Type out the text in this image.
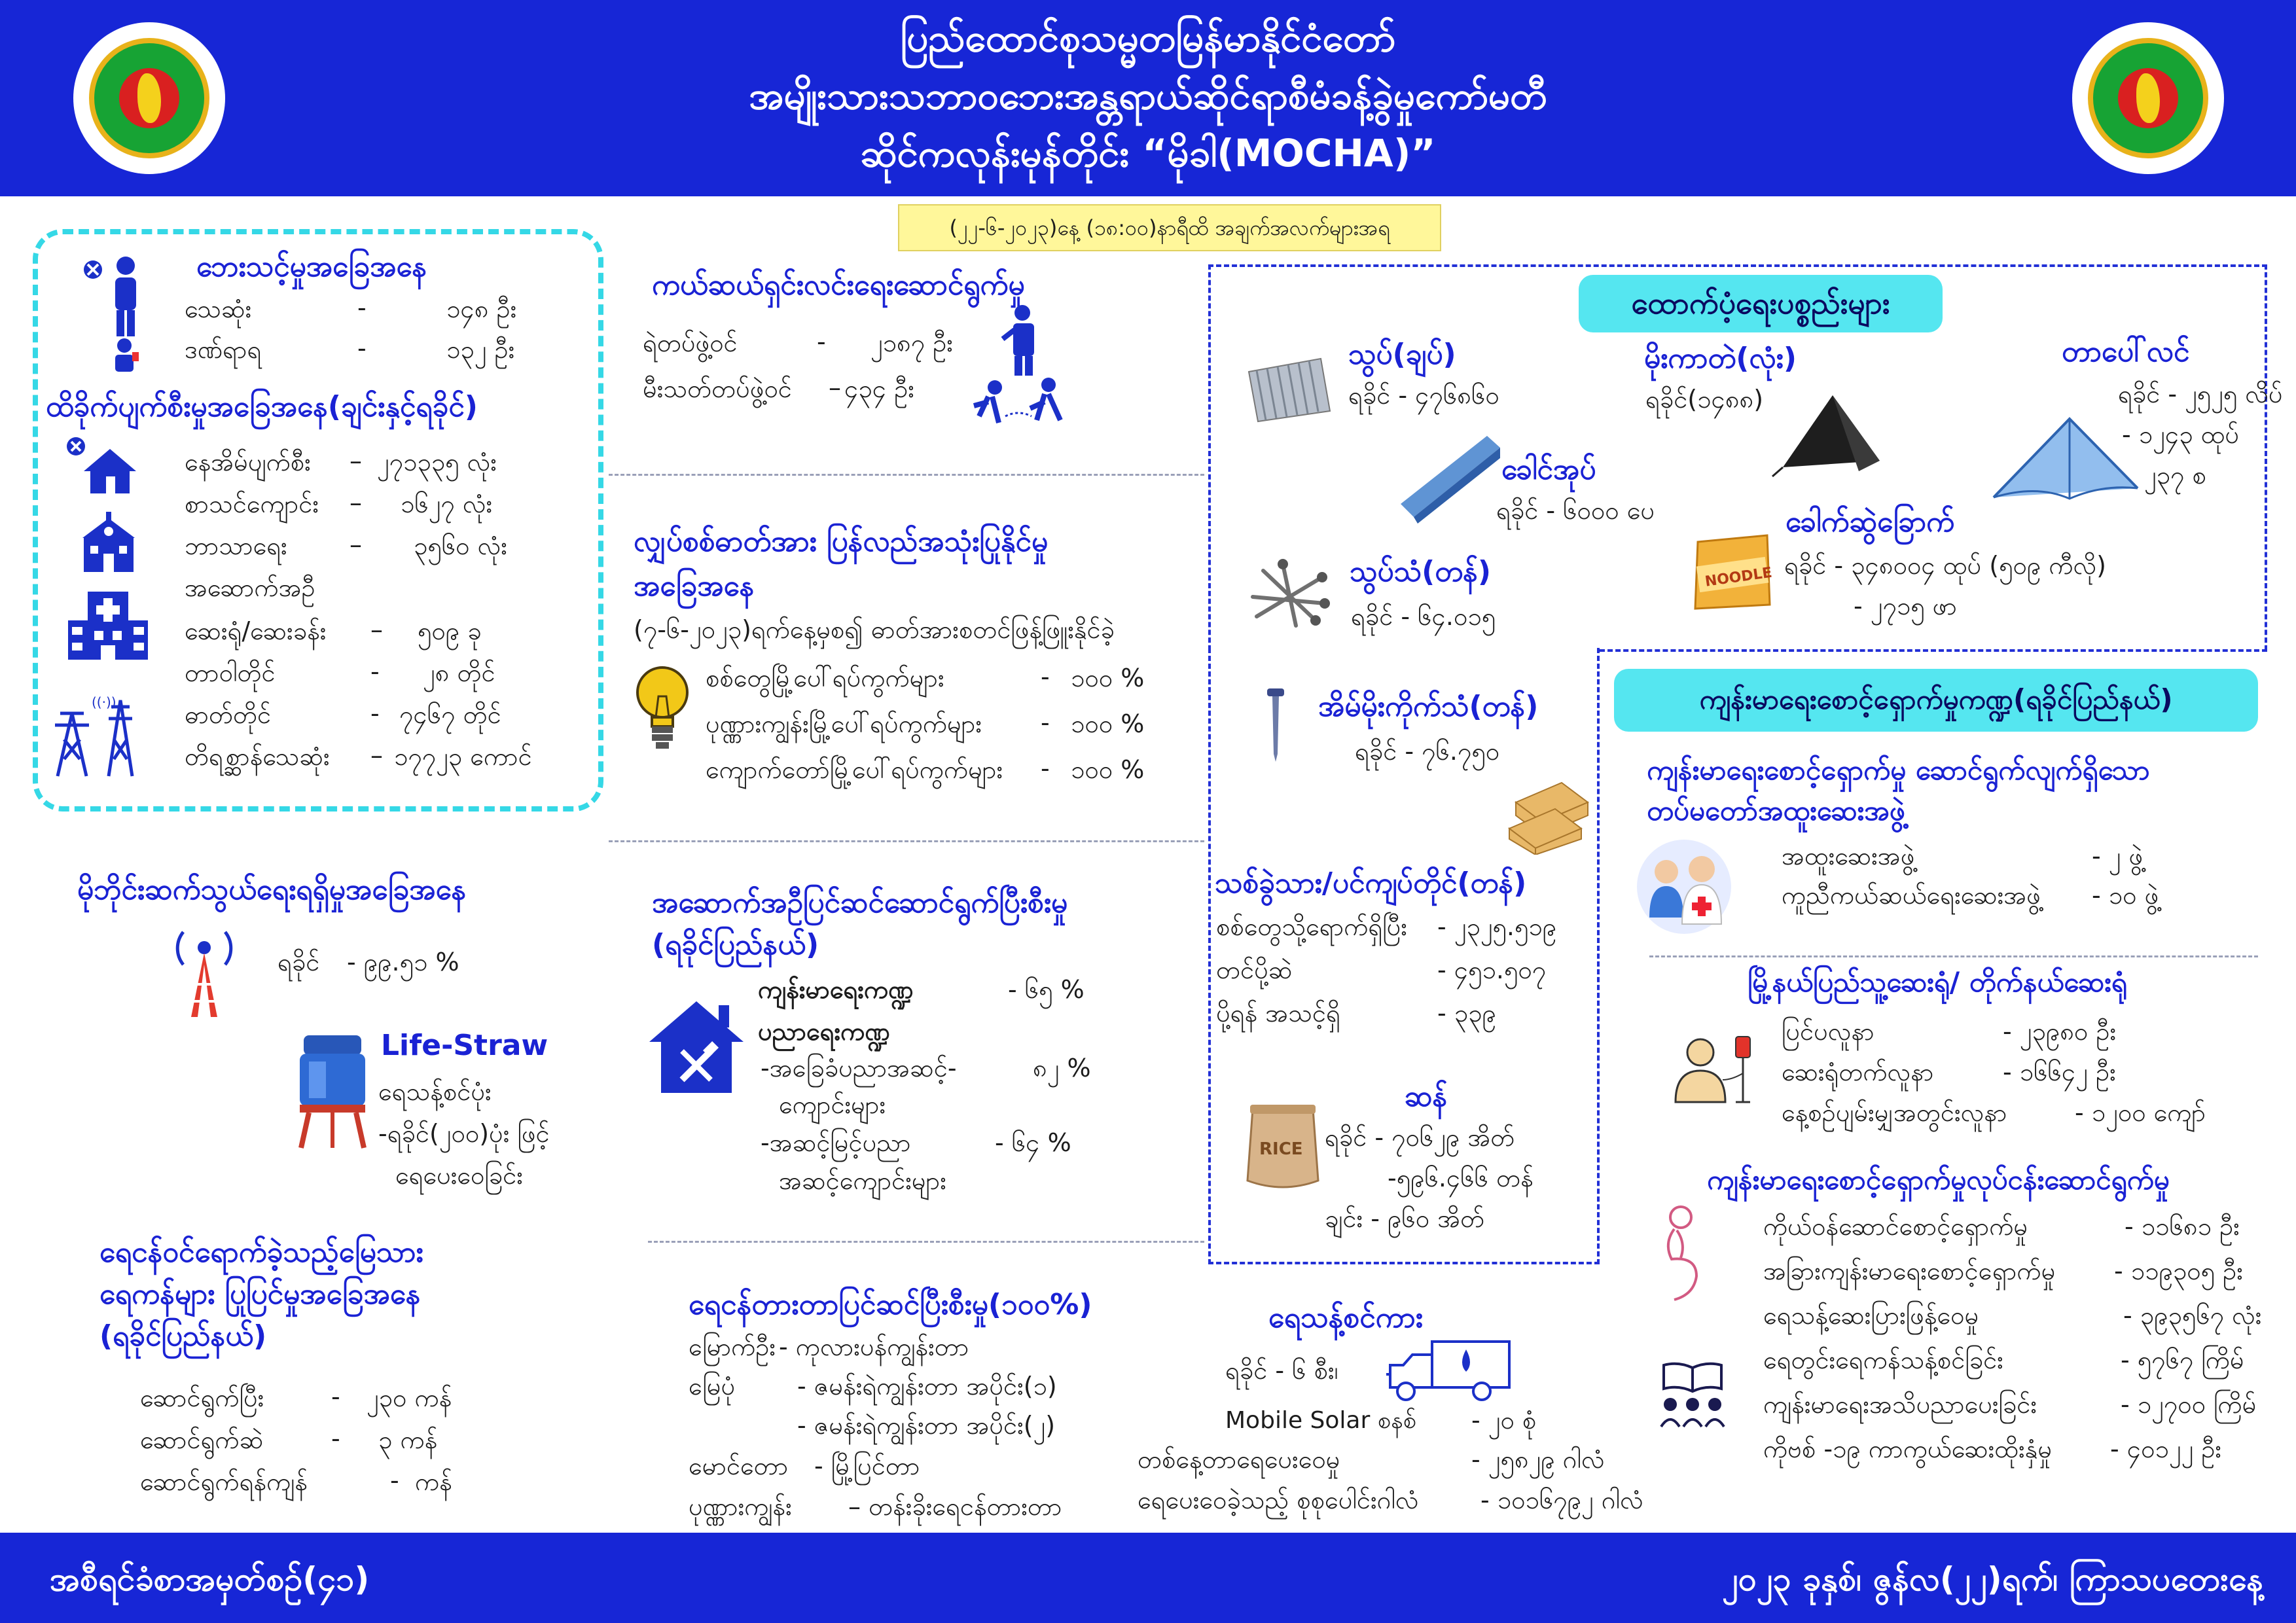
ပြည်ထောင်စုသမ္မတမြန်မာနိုင်ငံတော်
အမျိုးသားသဘာဝဘေးအန္တရာယ်ဆိုင်ရာစီမံခန့်ခွဲမှုကော်မတီ
ဆိုင်ကလုန်းမုန်တိုင်း “မိုခါ(MOCHA)”
(၂၂-၆-၂၀၂၃)နေ့ (၁၈:၀၀)နာရီထိ အချက်အလက်များအရ
ဘေးသင့်မှုအခြေအနေ
သေဆုံး	-	၁၄၈ ဦး
ဒဏ်ရာရ	-	၁၃၂ ဦး
ထိခိုက်ပျက်စီးမှုအခြေအနေ(ချင်းနှင့်ရခိုင်)
((·))
နေအိမ်ပျက်စီး – ၂၇၁၃၃၅ လုံး
စာသင်ကျောင်း – ၁၆၂၇ လုံး
ဘာသာရေး	– ၃၅၆၀ လုံး
အဆောက်အဦ
ဆေးရုံ/ဆေးခန်း – ၅၀၉ ခု
တာဝါတိုင်	- ၂၈ တိုင်
ဓာတ်တိုင်	- ၇၄၆၇ တိုင်
တိရစ္ဆာန်သေဆုံး – ၁၇၇၂၃ ကောင်
မိုဘိုင်းဆက်သွယ်ရေးရရှိမှုအခြေအနေ
ရခိုင် - ၉၉.၅၁ %
Life-Straw
ရေသန့်စင်ပုံး
-ရခိုင်(၂၀၀)ပုံး ဖြင့်
ရေပေးဝေခြင်း
ရေငန်ဝင်ရောက်ခဲ့သည့်မြေသား
ရေကန်များ ပြုပြင်မှုအခြေအနေ
(ရခိုင်ပြည်နယ်)
ဆောင်ရွက်ပြီး	- ၂၃၀ ကန်
ဆောင်ရွက်ဆဲ	- ၃ ကန်
ဆောင်ရွက်ရန်ကျန်	- ကန်
ကယ်ဆယ်ရှင်းလင်းရေးဆောင်ရွက်မှု
ရဲတပ်ဖွဲ့ဝင်	- ၂၁၈၇ ဦး
မီးသတ်တပ်ဖွဲ့ဝင် – ၄၃၄ ဦး
လျှပ်စစ်ဓာတ်အား ပြန်လည်အသုံးပြုနိုင်မှု
အခြေအနေ
(၇-၆-၂၀၂၃)ရက်နေ့မှစ၍ ဓာတ်အားစတင်ဖြန့်ဖြူးနိုင်ခဲ့
စစ်တွေမြို့ပေါ်ရပ်ကွက်များ	- ၁၀၀ %
ပုဏ္ဏားကျွန်းမြို့ပေါ်ရပ်ကွက်များ - ၁၀၀ %
ကျောက်တော်မြို့ပေါ်ရပ်ကွက်များ - ၁၀၀ %
အဆောက်အဦပြင်ဆင်ဆောင်ရွက်ပြီးစီးမှု
(ရခိုင်ပြည်နယ်)
ကျန်းမာရေးကဏ္ဍ	- ၆၅ %
ပညာရေးကဏ္ဍ
-အခြေခံပညာအဆင့်-	၈၂ %
ကျောင်းများ
-အဆင့်မြင့်ပညာ	- ၆၄ %
အဆင့်ကျောင်းများ
ရေငန်တားတာပြင်ဆင်ပြီးစီးမှု(၁၀၀%)
မြောက်ဦး - ကုလားပန်ကျွန်းတာ
မြေပုံ - ဇမန်းရဲကျွန်းတာ အပိုင်း(၁)
- ဇမန်းရဲကျွန်းတာ အပိုင်း(၂)
မောင်တော - မြို့ပြင်တာ
ပုဏ္ဏားကျွန်း – တန်းခိုးရေငန်တားတာ
ထောက်ပံ့ရေးပစ္စည်းများ
သွပ်(ချပ်)
ရခိုင် - ၄၇၆၈၆၀
ခေါင်အုပ်
ရခိုင် - ၆၀၀၀ ပေ
သွပ်သံ(တန်)
ရခိုင် - ၆၄.၀၁၅
အိမ်မိုးကိုက်သံ(တန်)
ရခိုင် - ၇၆.၇၅၀
မိုးကာတဲ(လုံး)
ရခိုင်(၁၄၈၈)
တာပေါ်လင်
ရခိုင် - ၂၅၂၅ လိပ်
- ၁၂၄၃ ထုပ်
၂၃၇ စ
NOODLE
ခေါက်ဆွဲခြောက်
ရခိုင် - ၃၄၈၀၀၄ ထုပ် (၅၀၉ ကီလို)
- ၂၇၁၅ ဖာ
သစ်ခွဲသား/ပင်ကျပ်တိုင်(တန်)
စစ်တွေသို့ရောက်ရှိပြီး - ၂၃၂၅.၅၁၉
တင်ပို့ဆဲ	- ၄၅၁.၅၀၇
ပို့ရန် အသင့်ရှိ	- ၃၃၉
RICE
ဆန်
ရခိုင် - ၇၀၆၂၉ အိတ်
-၅၉၆.၄၆၆ တန်
ချင်း - ၉၆၀ အိတ်
ရေသန့်စင်ကား
ရခိုင် - ၆ စီး၊
Mobile Solar စနစ် - ၂၀ စုံ
တစ်နေ့တာရေပေးဝေမှု	- ၂၅၈၂၉ ဂါလံ
ရေပေးဝေခဲ့သည့် စုစုပေါင်းဂါလံ - ၁၀၁၆၇၉၂ ဂါလံ
ကျန်းမာရေးစောင့်ရှောက်မှုကဏ္ဍ(ရခိုင်ပြည်နယ်)
ကျန်းမာရေးစောင့်ရှောက်မှု ဆောင်ရွက်လျက်ရှိသော
တပ်မတော်အထူးဆေးအဖွဲ့
အထူးဆေးအဖွဲ့	- ၂ ဖွဲ့
ကူညီကယ်ဆယ်ရေးဆေးအဖွဲ့ - ၁၀ ဖွဲ့
မြို့နယ်ပြည်သူ့ဆေးရုံ/ တိုက်နယ်ဆေးရုံ
ပြင်ပလူနာ	- ၂၃၉၈၀ ဦး
ဆေးရုံတက်လူနာ	- ၁၆၆၄၂ ဦး
နေ့စဉ်ပျမ်းမျှအတွင်းလူနာ	- ၁၂၀၀ ကျော်
ကျန်းမာရေးစောင့်ရှောက်မှုလုပ်ငန်းဆောင်ရွက်မှု
ကိုယ်ဝန်ဆောင်စောင့်ရှောက်မှု	- ၁၁၆၈၁ ဦး
အခြားကျန်းမာရေးစောင့်ရှောက်မှု - ၁၁၉၃၀၅ ဦး
ရေသန့်ဆေးပြားဖြန့်ဝေမှု	- ၃၉၃၅၆၇ လုံး
ရေတွင်းရေကန်သန့်စင်ခြင်း	- ၅၇၆၇ ကြိမ်
ကျန်းမာရေးအသိပညာပေးခြင်း	- ၁၂၇၀၀ ကြိမ်
ကိုဗစ် -၁၉ ကာကွယ်ဆေးထိုးနှံမှု - ၄၀၁၂၂ ဦး
အစီရင်ခံစာအမှတ်စဉ်(၄၁)	၂၀၂၃ ခုနှစ်၊ ဇွန်လ(၂၂)ရက်၊ ကြာသပတေးနေ့
